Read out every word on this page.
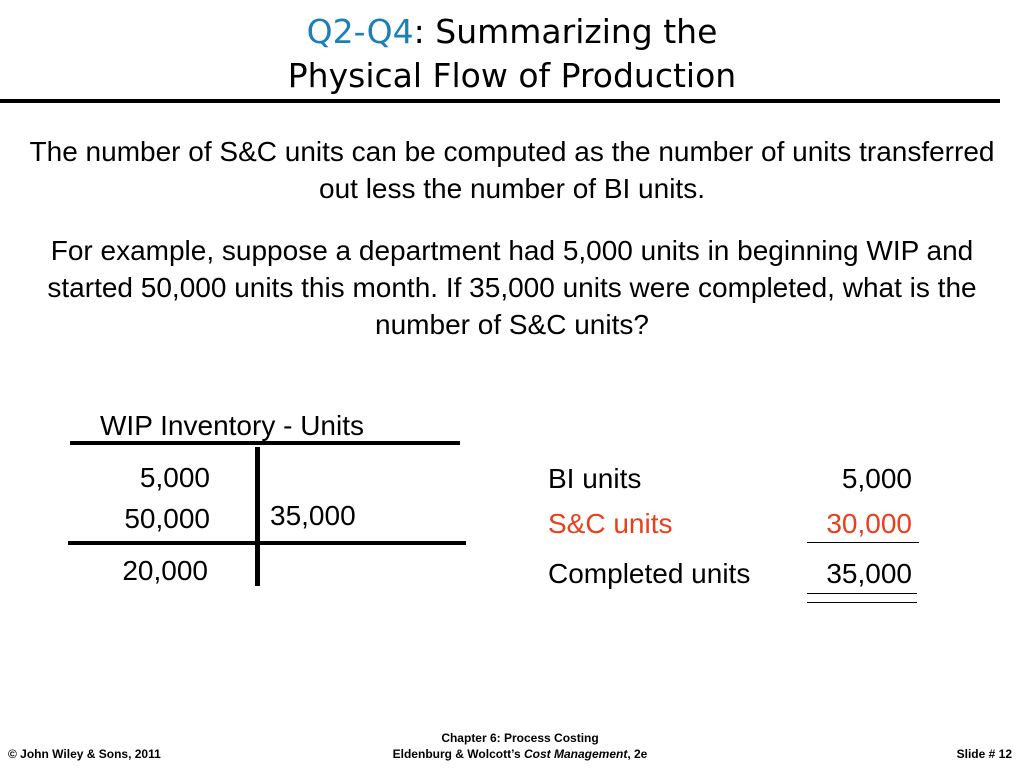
Q2-Q4: Summarizing the
Physical Flow of Production

The number of S&C units can be computed as the number of units transferred out less the number of BI units.

For example, suppose a department had 5,000 units in beginning WIP and started 50,000 units this month. If 35,000 units were completed, what is the number of S&C units?

WIP Inventory - Units
5,000
50,000 35,000
20,000
BI units	5,000
S&C units	30,000
Completed units	35,000
© John Wiley & Sons, 2011
Chapter 6: Process Costing
Eldenburg & Wolcott’s Cost Management, 2e	Slide # 12
